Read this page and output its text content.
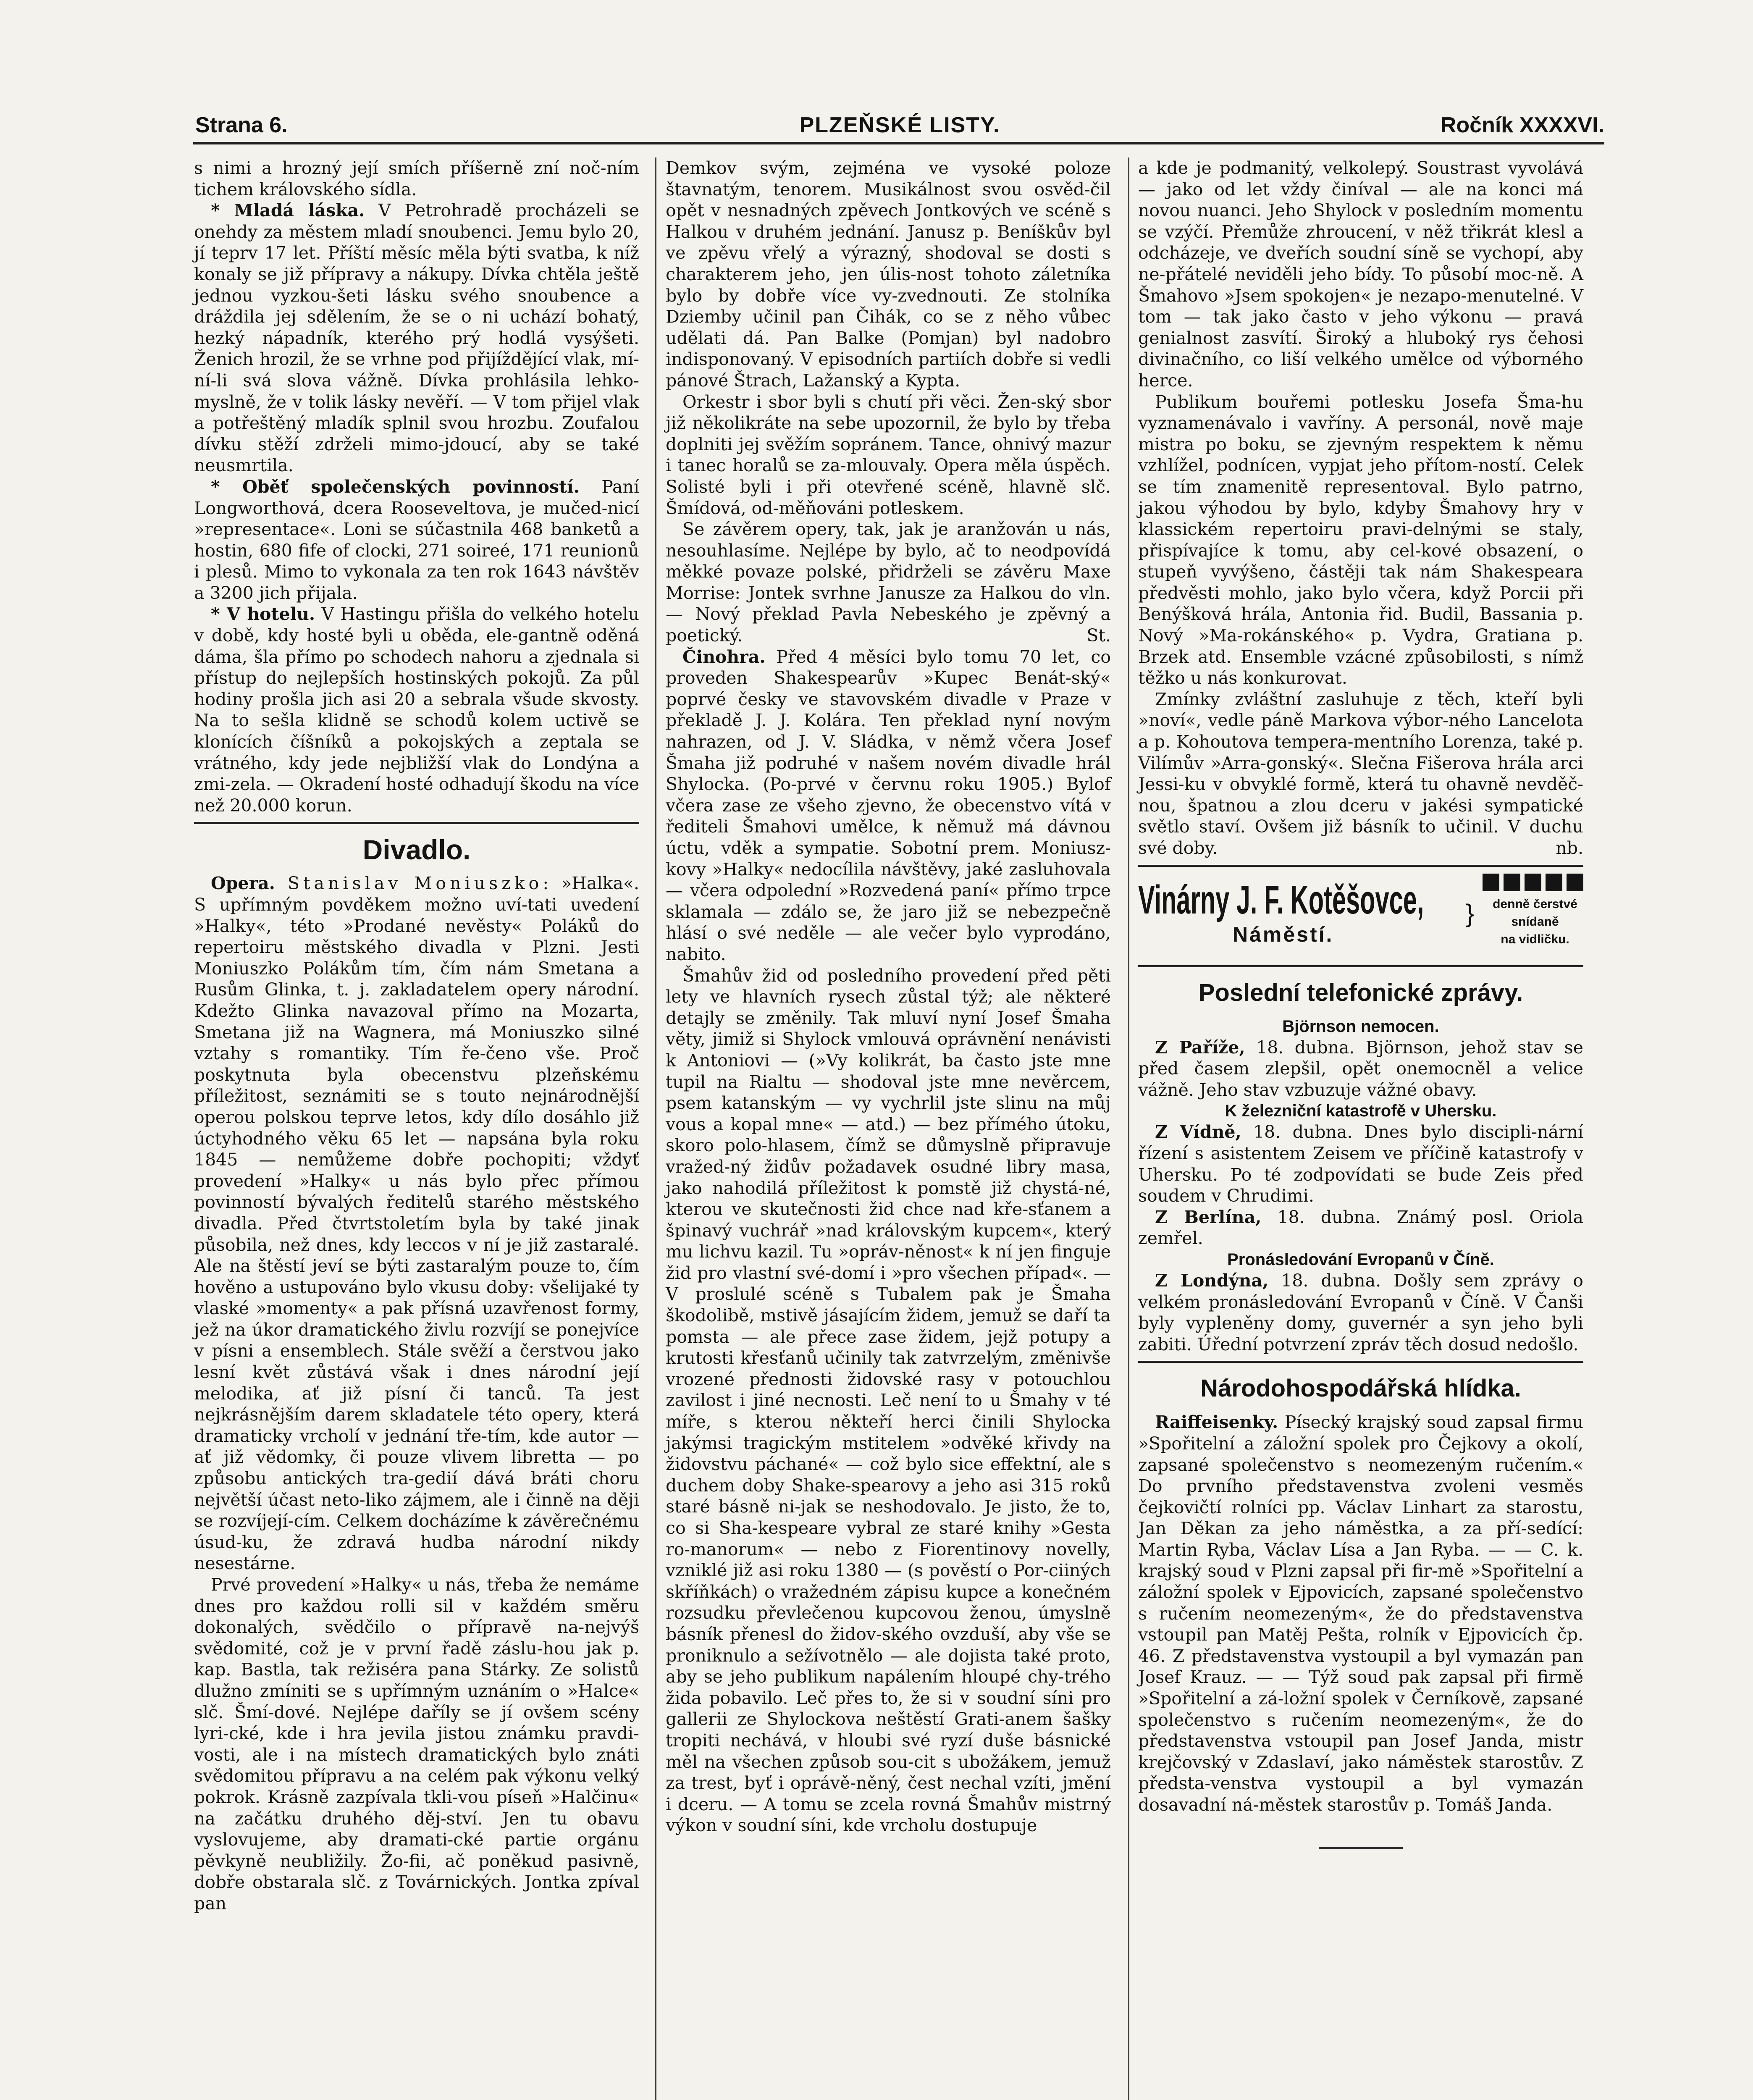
Strana 6.	PLZEŇSKÉ LISTY.	Ročník XXXXVI.

s nimi a hrozný její smích příšerně zní noč-ním tichem královského sídla.

* Mladá láska. V Petrohradě procházeli se onehdy za městem mladí snoubenci. Jemu bylo 20, jí teprv 17 let. Příští měsíc měla býti svatba, k níž konaly se již přípravy a nákupy. Dívka chtěla ještě jednou vyzkou-šeti lásku svého snoubence a dráždila jej sdělením, že se o ni uchází bohatý, hezký nápadník, kterého prý hodlá vysýšeti. Ženich hrozil, že se vrhne pod přijíždějící vlak, mí-ní-li svá slova vážně. Dívka prohlásila lehko-myslně, že v tolik lásky nevěří. — V tom přijel vlak a potřeštěný mladík splnil svou hrozbu. Zoufalou dívku stěží zdrželi mimo-jdoucí, aby se také neusmrtila.

* Oběť společenských povinností. Paní Longworthová, dcera Rooseveltova, je mučed-nicí »representace«. Loni se súčastnila 468 banketů a hostin, 680 fife of clocki, 271 soireé, 171 reunionů i plesů. Mimo to vykonala za ten rok 1643 návštěv a 3200 jich přijala.

* V hotelu. V Hastingu přišla do velkého hotelu v době, kdy hosté byli u oběda, ele-gantně oděná dáma, šla přímo po schodech nahoru a zjednala si přístup do nejlepších hostinských pokojů. Za půl hodiny prošla jich asi 20 a sebrala všude skvosty. Na to sešla klidně se schodů kolem uctivě se klonících číšníků a pokojských a zeptala se vrátného, kdy jede nejbližší vlak do Londýna a zmi-zela. — Okradení hosté odhadují škodu na více než 20.000 korun.

Divadlo.

Opera. Stanislav Moniuszko: »Halka«. S upřímným povděkem možno uví-tati uvedení »Halky«, této »Prodané nevěsty« Poláků do repertoiru městského divadla v Plzni. Jesti Moniuszko Polákům tím, čím nám Smetana a Rusům Glinka, t. j. zakladatelem opery národní. Kdežto Glinka navazoval přímo na Mozarta, Smetana již na Wagnera, má Moniuszko silné vztahy s romantiky. Tím ře-čeno vše. Proč poskytnuta byla obecenstvu plzeňskému příležitost, seznámiti se s touto nejnárodnější operou polskou teprve letos, kdy dílo dosáhlo již úctyhodného věku 65 let — napsána byla roku 1845 — nemůžeme dobře pochopiti; vždyť provedení »Halky« u nás bylo přec přímou povinností bývalých ředitelů starého městského divadla. Před čtvrtstoletím byla by také jinak působila, než dnes, kdy leccos v ní je již zastaralé. Ale na štěstí jeví se býti zastaralým pouze to, čím hověno a ustupováno bylo vkusu doby: všelijaké ty vlaské »momenty« a pak přísná uzavřenost formy, jež na úkor dramatického živlu rozvíjí se ponejvíce v písni a ensemblech. Stále svěží a čerstvou jako lesní květ zůstává však i dnes národní její melodika, ať již písní či tanců. Ta jest nejkrásnějším darem skladatele této opery, která dramaticky vrcholí v jednání tře-tím, kde autor — ať již vědomky, či pouze vlivem libretta — po způsobu antických tra-gedií dává bráti choru největší účast neto-liko zájmem, ale i činně na ději se rozvíjejí-cím. Celkem docházíme k závěrečnému úsud-ku, že zdravá hudba národní nikdy nesestárne.

Prvé provedení »Halky« u nás, třeba že nemáme dnes pro každou rolli sil v každém směru dokonalých, svědčilo o přípravě na-nejvýš svědomité, což je v první řadě záslu-hou jak p. kap. Bastla, tak režiséra pana Stárky. Ze solistů dlužno zmíniti se s upřímným uznáním o »Halce« slč. Šmí-dové. Nejlépe daříly se jí ovšem scény lyri-cké, kde i hra jevila jistou známku pravdi-vosti, ale i na místech dramatických bylo znáti svědomitou přípravu a na celém pak výkonu velký pokrok. Krásně zazpívala tkli-vou píseň »Halčinu« na začátku druhého děj-ství. Jen tu obavu vyslovujeme, aby dramati-cké partie orgánu pěvkyně neubližily. Žo-fii, ač poněkud pasivně, dobře obstarala slč. z Továrnických. Jontka zpíval pan

Demkov svým, zejména ve vysoké poloze štavnatým, tenorem. Musikálnost svou osvěd-čil opět v nesnadných zpěvech Jontkových ve scéně s Halkou v druhém jednání. Janusz p. Beníškův byl ve zpěvu vřelý a výrazný, shodoval se dosti s charakterem jeho, jen úlis-nost tohoto záletníka bylo by dobře více vy-zvednouti. Ze stolníka Dziemby učinil pan Čihák, co se z něho vůbec udělati dá. Pan Balke (Pomjan) byl nadobro indisponovaný. V episodních partiích dobře si vedli pánové Štrach, Lažanský a Kypta.

Orkestr i sbor byli s chutí při věci. Žen-ský sbor již několikráte na sebe upozornil, že bylo by třeba doplniti jej svěžím sopránem. Tance, ohnivý mazur i tanec horalů se za-mlouvaly. Opera měla úspěch. Solisté byli i při otevřené scéně, hlavně slč. Šmídová, od-měňováni potleskem.

Se závěrem opery, tak, jak je aranžován u nás, nesouhlasíme. Nejlépe by bylo, ač to neodpovídá měkké povaze polské, přidrželi se závěru Maxe Morrise: Jontek svrhne Janusze za Halkou do vln. — Nový překlad Pavla Nebeského je zpěvný a poetický.	St.

Činohra. Před 4 měsíci bylo tomu 70 let, co proveden Shakespearův »Kupec Benát-ský« poprvé česky ve stavovském divadle v Praze v překladě J. J. Kolára. Ten překlad nyní novým nahrazen, od J. V. Sládka, v němž včera Josef Šmaha již podruhé v našem novém divadle hrál Shylocka. (Po-prvé v červnu roku 1905.) Bylof včera zase ze všeho zjevno, že obecenstvo vítá v řediteli Šmahovi umělce, k němuž má dávnou úctu, vděk a sympatie. Sobotní prem. Moniusz-kovy »Halky« nedocílila návštěvy, jaké zasluhovala — včera odpolední »Rozvedená paní« přímo trpce sklamala — zdálo se, že jaro již se nebezpečně hlásí o své neděle — ale večer bylo vyprodáno, nabito.

Šmahův žid od posledního provedení před pěti lety ve hlavních rysech zůstal týž; ale některé detajly se změnily. Tak mluví nyní Josef Šmaha věty, jimiž si Shylock vmlouvá oprávnění nenávisti k Antoniovi — (»Vy kolikrát, ba často jste mne tupil na Rialtu — shodoval jste mne nevěrcem, psem katanským — vy vychrlil jste slinu na můj vous a kopal mne« — atd.) — bez přímého útoku, skoro polo-hlasem, čímž se důmyslně připravuje vražed-ný židův požadavek osudné libry masa, jako nahodilá příležitost k pomstě již chystá-né, kterou ve skutečnosti žid chce nad kře-sťanem a špinavý vuchrář »nad královským kupcem«, který mu lichvu kazil. Tu »opráv-něnost« k ní jen finguje žid pro vlastní své-domí i »pro všechen případ«. — V proslulé scéně s Tubalem pak je Šmaha škodolibě, mstivě jásajícím židem, jemuž se daří ta pomsta — ale přece zase židem, jejž potupy a krutosti křesťanů učinily tak zatvrzelým, změnivše vrozené přednosti židovské rasy v potouchlou zavilost i jiné necnosti. Leč není to u Šmahy v té míře, s kterou někteří herci činili Shylocka jakýmsi tragickým mstitelem »odvěké křivdy na židovstvu páchané« — což bylo sice effektní, ale s duchem doby Shake-spearovy a jeho asi 315 roků staré básně ni-jak se neshodovalo. Je jisto, že to, co si Sha-kespeare vybral ze staré knihy »Gesta ro-manorum« — nebo z Fiorentinovy novelly, vzniklé již asi roku 1380 — (s pověstí o Por-ciiných skříňkách) o vražedném zápisu kupce a konečném rozsudku převlečenou kupcovou ženou, úmyslně básník přenesl do židov-ského ovzduší, aby vše se proniknulo a sežívotnělo — ale dojista také proto, aby se jeho publikum napálením hloupé chy-trého žida pobavilo. Leč přes to, že si v soudní síni pro gallerii ze Shylockova neštěstí Grati-anem šašky tropiti nechává, v hloubi své ryzí duše básnické měl na všechen způsob sou-cit s ubožákem, jemuž za trest, byť i oprávě-něný, čest nechal vzíti, jmění i dceru. — A tomu se zcela rovná Šmahův mistrný výkon v soudní síni, kde vrcholu dostupuje

a kde je podmanitý, velkolepý. Soustrast vyvolává — jako od let vždy činíval — ale na konci má novou nuanci. Jeho Shylock v posledním momentu se vzýčí. Přemůže zhroucení, v něž třikrát klesl a odcházeje, ve dveřích soudní síně se vychopí, aby ne-přátelé neviděli jeho bídy. To působí moc-ně. A Šmahovo »Jsem spokojen« je nezapo-menutelné. V tom — tak jako často v jeho výkonu — pravá genialnost zasvítí. Široký a hluboký rys čehosi divinačního, co liší velkého umělce od výborného herce.

Publikum bouřemi potlesku Josefa Šma-hu vyznamenávalo i vavříny. A personál, nově maje mistra po boku, se zjevným respektem k němu vzhlížel, podnícen, vypjat jeho přítom-ností. Celek se tím znamenitě representoval. Bylo patrno, jakou výhodou by bylo, kdyby Šmahovy hry v klassickém repertoiru pravi-delnými se staly, přispívajíce k tomu, aby cel-kové obsazení, o stupeň vyvýšeno, částěji tak nám Shakespeara předvěsti mohlo, jako bylo včera, když Porcii při Benýšková hrála, Antonia řid. Budil, Bassania p. Nový »Ma-rokánského« p. Vydra, Gratiana p. Brzek atd. Ensemble vzácné způsobilosti, s nímž těžko u nás konkurovat.

Zmínky zvláštní zasluhuje z těch, kteří byli »noví«, vedle páně Markova výbor-ného Lancelota a p. Kohoutova tempera-mentního Lorenza, také p. Vilímův »Arra-gonský«. Slečna Fišerova hrála arci Jessi-ku v obvyklé formě, která tu ohavně nevděč-nou, špatnou a zlou dceru v jakési sympatické světlo staví. Ovšem již básník to učinil. V duchu své doby.	nb.

Vinárny J. F. Kotěšovce,
Náměstí.
}	denně čerstvé
snídaně
na vidličku.
Poslední telefonické zprávy.
Björnson nemocen.

Z Paříže, 18. dubna. Björnson, jehož stav se před časem zlepšil, opět onemocněl a velice vážně. Jeho stav vzbuzuje vážné obavy.

K železniční katastrofě v Uhersku.

Z Vídně, 18. dubna. Dnes bylo discipli-nární řízení s asistentem Zeisem ve příčině katastrofy v Uhersku. Po té zodpovídati se bude Zeis před soudem v Chrudimi.

Z Berlína, 18. dubna. Známý posl. Oriola zemřel.

Pronásledování Evropanů v Číně.

Z Londýna, 18. dubna. Došly sem zprávy o velkém pronásledování Evropanů v Číně. V Čanši byly vypleněny domy, guvernér a syn jeho byli zabiti. Úřední potvrzení zpráv těch dosud nedošlo.

Národohospodářská hlídka.

Raiffeisenky. Písecký krajský soud zapsal firmu »Spořitelní a záložní spolek pro Čejkovy a okolí, zapsané společenstvo s neomezeným ručením.« Do prvního představenstva zvoleni vesměs čejkovičtí rolníci pp. Václav Linhart za starostu, Jan Děkan za jeho náměstka, a za pří-sedící: Martin Ryba, Václav Lísa a Jan Ryba. — — C. k. krajský soud v Plzni zapsal při fir-mě »Spořitelní a záložní spolek v Ejpovicích, zapsané společenstvo s ručením neomezeným«, že do představenstva vstoupil pan Matěj Pešta, rolník v Ejpovicích čp. 46. Z představenstva vystoupil a byl vymazán pan Josef Krauz. — — Týž soud pak zapsal při firmě »Spořitelní a zá-ložní spolek v Černíkově, zapsané společenstvo s ručením neomezeným«, že do představenstva vstoupil pan Josef Janda, mistr krejčovský v Zdaslaví, jako náměstek starostův. Z předsta-venstva vystoupil a byl vymazán dosavadní ná-městek starostův p. Tomáš Janda.
